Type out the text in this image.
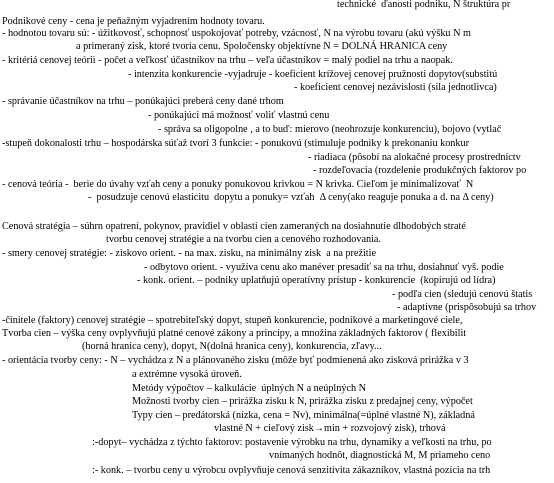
technické  ďanosti podniku, N štruktúra pr
Podnikové ceny - cena je peňažným vyjadrením hodnoty tovaru.
- hodnotou tovaru sú: - úžitkovosť, schopnosť uspokojovať potreby, vzácnosť, N na výrobu tovaru (akú výšku N m
a primeraný zisk, ktoré tvoria cenu. Spoločensky objektívne N = DOLNÁ HRANICA ceny
- kritériá cenovej teórii - počet a veľkosť účastníkov na trhu – veľa účastníkov = malý podiel na trhu a naopak.
- intenzita konkurencie -vyjadruje - koeficient krížovej cenovej pružnosti dopytov(substitú
- koeficient cenovej nezávislosti (sila jednotlivca)
- správanie účastníkov na trhu – ponúkajúci preberá ceny dané trhom
- ponúkajúci má možnosť voliť vlastnú cenu
- správa sa oligopolne , a to buď: mierovo (neohrozuje konkurenciu), bojovo (vytlač
-stupeň dokonalosti trhu – hospodárska súťaž tvorí 3 funkcie: - ponukovú (stimuluje podniky k prekonaniu konkur
- riadiaca (pôsobí na alokačné procesy prostredníctv
- rozdeľovacia (rozdelenie produkčných faktorov po
- cenová teória -  berie do úvahy vzťah ceny a ponuky ponukovou krivkou = N krivka. Cieľom je minimalizovať  N
-  posudzuje cenovú elasticitu  dopytu a ponuky= vzťah  Δ ceny(ako reaguje ponuka a d. na Δ ceny)
Cenová stratégia – súhrn opatrení, pokynov, pravidiel v oblasti cien zameraných na dosiahnutie dlhodobých straté
tvorbu cenovej stratégie a na tvorbu cien a cenového rozhodovania.
- smery cenovej stratégie: - ziskovo orient. - na max. zisku, na minimálny zisk  a na prežitie
- odbytovo orient. - využíva cenu ako manéver presadiť sa na trhu, dosiahnuť vyš. podie
- konk. orient. – podniky uplatňujú operatívny prístup - konkurencie  (kopírujú od lídra)
- podľa cien (sledujú cenovú štatis
- adaptívne (prispôsobujú sa trhov
-činitele (faktory) cenovej stratégie – spotrebiteľský dopyt, stupeň konkurencie, podnikové a marketingové ciele,
Tvorba cien – výška ceny ovplyvňujú platné cenové zákony a princípy, a množina základných faktorov ( flexibilit
(horná hranica ceny), dopyt, N(dolná hranica ceny), konkurencia, zľavy...
- orientácia tvorby ceny: - N – vychádza z N a plánovaného zisku (môže byť podmienená ako zisková prirážka v 3
a extrémne vysoká úroveň.
Metódy výpočtov – kalkulácie  úplných N a neúplných N
Možnosti tvorby cien – prirážka zisku k N, prirážka zisku z predajnej ceny, výpočet
Typy cien – predátorská (nízka, cena = Nv), minimálna(=úplné vlastné N), základná
vlastné N + cieľový zisk→min + rozvojový zisk), trhová
:-dopyt– vychádza z týchto faktorov: postavenie výrobku na trhu, dynamiky a veľkosti na trhu, po
vnímaných hodnôt, diagnostická M, M priameho ceno
:- konk. – tvorbu ceny u výrobcu ovplyvňuje cenová senzitivita zákazníkov, vlastná pozícia na trh
